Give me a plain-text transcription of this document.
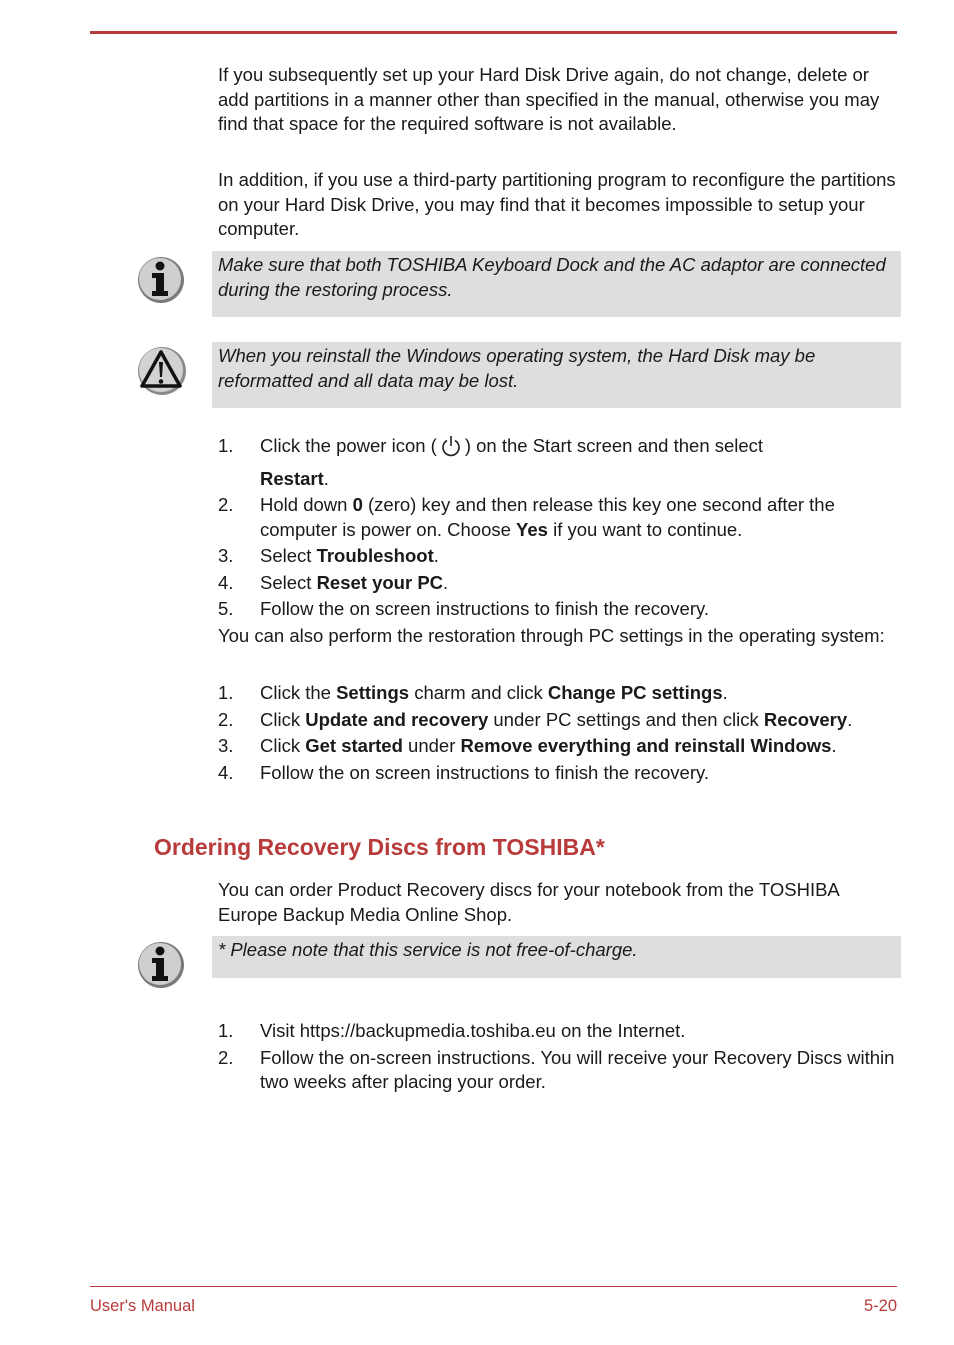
If you subsequently set up your Hard Disk Drive again, do not change, delete or add partitions in a manner other than specified in the manual, otherwise you may find that space for the required software is not available.

In addition, if you use a third-party partitioning program to reconfigure the partitions on your Hard Disk Drive, you may find that it becomes impossible to setup your computer.

Make sure that both TOSHIBA Keyboard Dock and the AC adaptor are connected during the restoring process.
When you reinstall the Windows operating system, the Hard Disk may be reformatted and all data may be lost.
1. Click the power icon ( ) on the Start screen and then select
Restart.
2. Hold down 0 (zero) key and then release this key one second after the computer is power on. Choose Yes if you want to continue.
3. Select Troubleshoot.
4. Select Reset your PC.
5. Follow the on screen instructions to finish the recovery.

You can also perform the restoration through PC settings in the operating system:

1. Click the Settings charm and click Change PC settings.
2. Click Update and recovery under PC settings and then click Recovery.
3. Click Get started under Remove everything and reinstall Windows.
4. Follow the on screen instructions to finish the recovery.
Ordering Recovery Discs from TOSHIBA*

You can order Product Recovery discs for your notebook from the TOSHIBA Europe Backup Media Online Shop.

* Please note that this service is not free-of-charge.
1. Visit https://backupmedia.toshiba.eu on the Internet.
2. Follow the on-screen instructions. You will receive your Recovery Discs within two weeks after placing your order.
User's Manual	5-20
